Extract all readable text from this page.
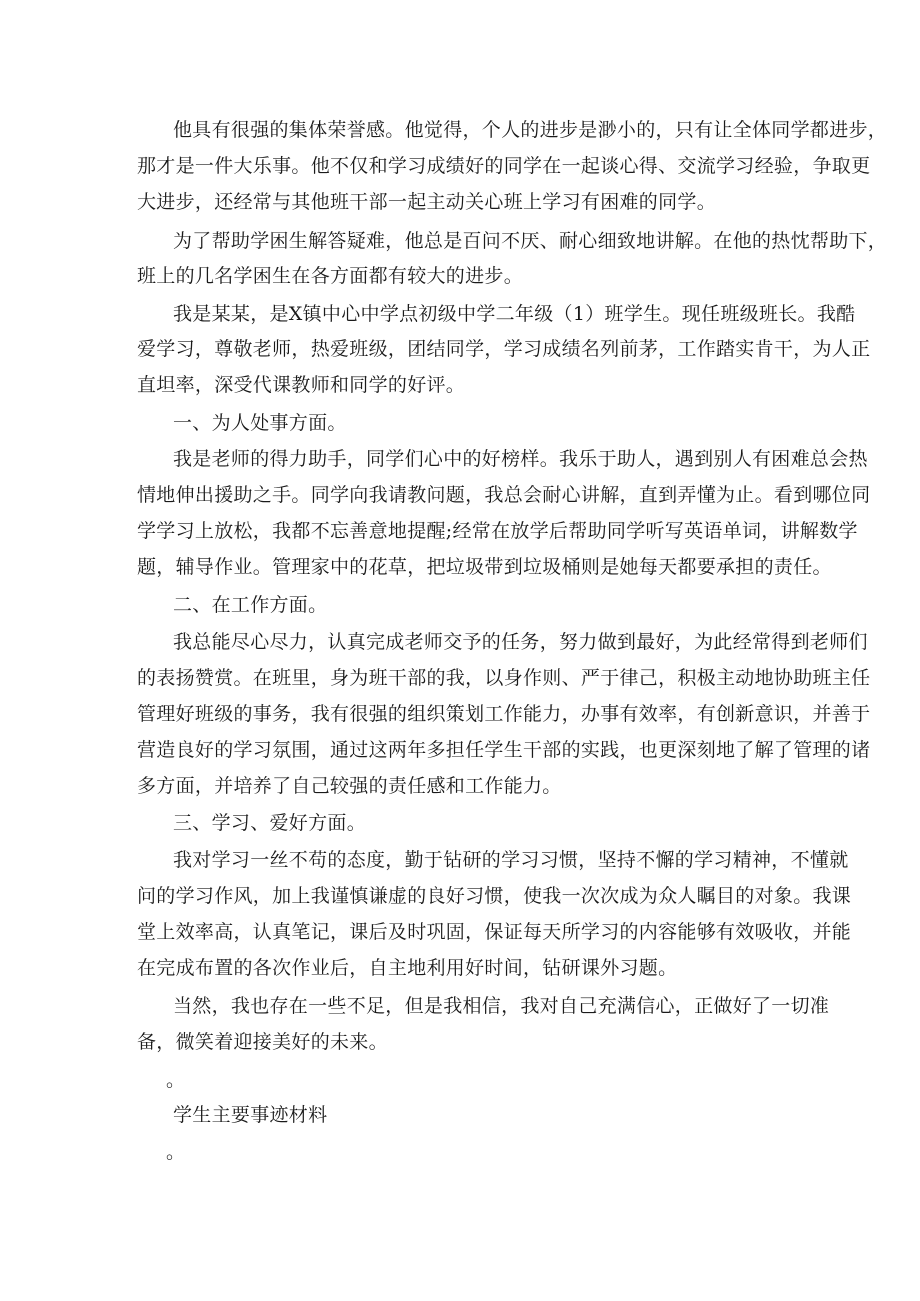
他具有很强的集体荣誉感。他觉得，个人的进步是渺小的，只有让全体同学都进步，
那才是一件大乐事。他不仅和学习成绩好的同学在一起谈心得、交流学习经验，争取更
大进步，还经常与其他班干部一起主动关心班上学习有困难的同学。
为了帮助学困生解答疑难，他总是百问不厌、耐心细致地讲解。在他的热忱帮助下，
班上的几名学困生在各方面都有较大的进步。
我是某某，是X镇中心中学点初级中学二年级（1）班学生。现任班级班长。我酷
爱学习，尊敬老师，热爱班级，团结同学，学习成绩名列前茅，工作踏实肯干，为人正
直坦率，深受代课教师和同学的好评。
一、为人处事方面。
我是老师的得力助手，同学们心中的好榜样。我乐于助人，遇到别人有困难总会热
情地伸出援助之手。同学向我请教问题，我总会耐心讲解，直到弄懂为止。看到哪位同
学学习上放松，我都不忘善意地提醒;经常在放学后帮助同学听写英语单词，讲解数学
题，辅导作业。管理家中的花草，把垃圾带到垃圾桶则是她每天都要承担的责任。
二、在工作方面。
我总能尽心尽力，认真完成老师交予的任务，努力做到最好，为此经常得到老师们
的表扬赞赏。在班里，身为班干部的我，以身作则、严于律己，积极主动地协助班主任
管理好班级的事务，我有很强的组织策划工作能力，办事有效率，有创新意识，并善于
营造良好的学习氛围，通过这两年多担任学生干部的实践，也更深刻地了解了管理的诸
多方面，并培养了自己较强的责任感和工作能力。
三、学习、爱好方面。
我对学习一丝不苟的态度，勤于钻研的学习习惯，坚持不懈的学习精神，不懂就
问的学习作风，加上我谨慎谦虚的良好习惯，使我一次次成为众人瞩目的对象。我课
堂上效率高，认真笔记，课后及时巩固，保证每天所学习的内容能够有效吸收，并能
在完成布置的各次作业后，自主地利用好时间，钻研课外习题。
当然，我也存在一些不足，但是我相信，我对自己充满信心，正做好了一切准
备，微笑着迎接美好的未来。
。
学生主要事迹材料
。
